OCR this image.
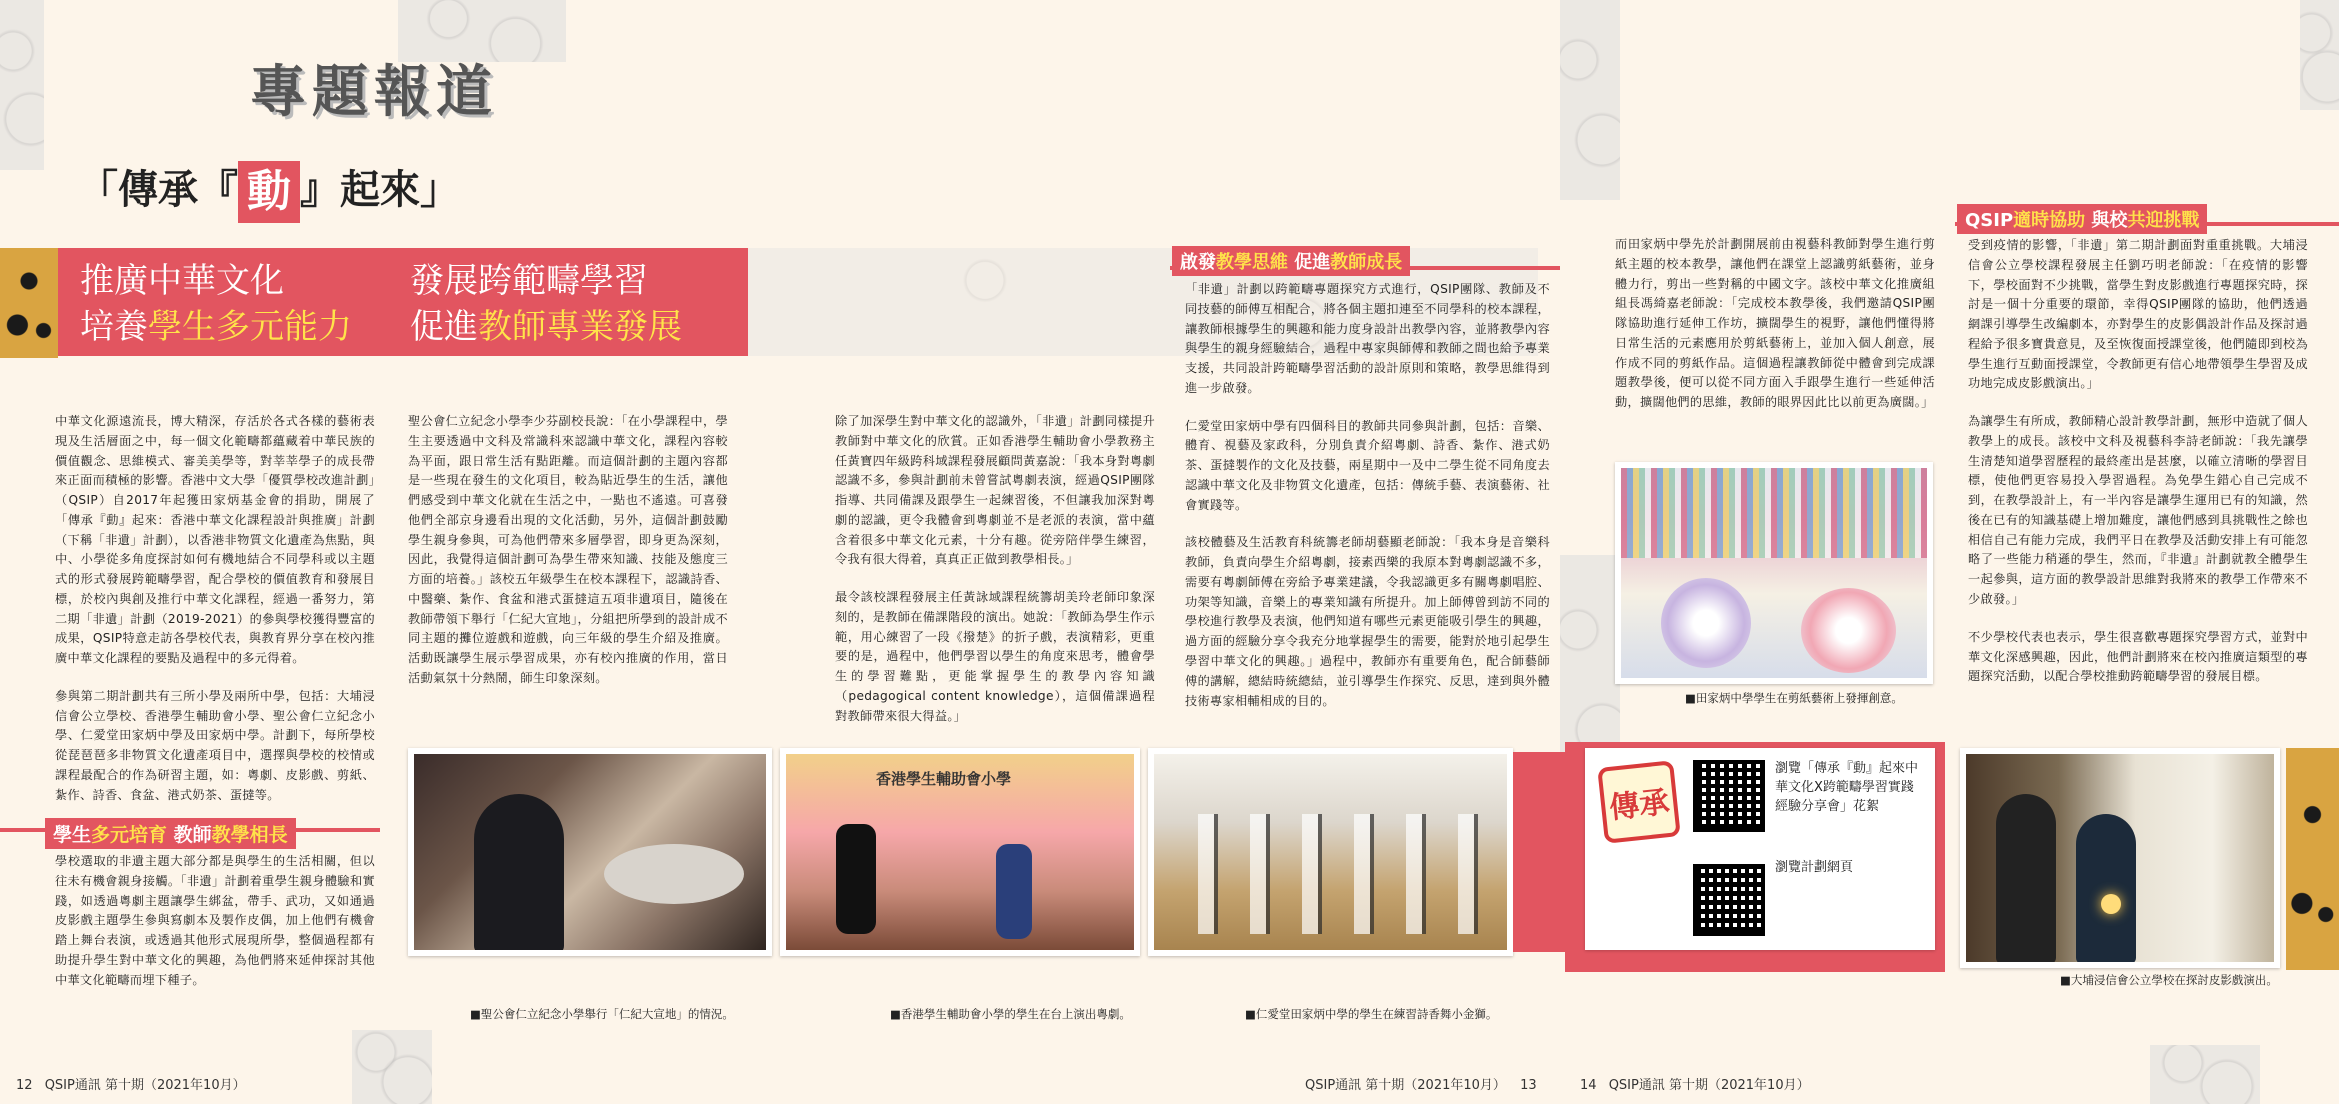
專題報道
「傳承『 動 』起來」
推廣中華文化
培養學生多元能力
發展跨範疇學習
促進教師專業發展

中華文化源遠流長，博大精深，存活於各式各樣的藝術表現及生活層面之中，每一個文化範疇都蘊藏着中華民族的價值觀念、思維模式、審美美學等，對莘莘學子的成長帶來正面而積極的影響。香港中文大學「優質學校改進計劃」（QSIP）自2017年起獲田家炳基金會的捐助，開展了「傳承『動』起來：香港中華文化課程設計與推廣」計劃（下稱「非遺」計劃），以香港非物質文化遺產為焦點，與中、小學從多角度探討如何有機地結合不同學科或以主題式的形式發展跨範疇學習，配合學校的價值教育和發展目標，於校內與創及推行中華文化課程，經過一番努力，第二期「非遺」計劃（2019-2021）的參與學校獲得豐富的成果，QSIP特意走訪各學校代表，與教育界分享在校內推廣中華文化課程的要點及過程中的多元得着。

參與第二期計劃共有三所小學及兩所中學，包括：大埔浸信會公立學校、香港學生輔助會小學、聖公會仁立紀念小學、仁愛堂田家炳中學及田家炳中學。計劃下，每所學校從琵琶琶多非物質文化遺產項目中，選擇與學校的校情或課程最配合的作為研習主題，如：粵劇、皮影戲、剪紙、紮作、詩香、食盆、港式奶茶、蛋撻等。

學生多元培育 教師教學相長
學校選取的非遺主題大部分都是與學生的生活相關，但以往未有機會親身接觸。「非遺」計劃着重學生親身體驗和實踐，如透過粵劇主題讓學生綁盆，帶手、武功，又如通過皮影戲主題學生參與寫劇本及製作皮偶，加上他們有機會踏上舞台表演，或透過其他形式展現所學，整個過程都有助提升學生對中華文化的興趣，為他們將來延伸探討其他中華文化範疇而埋下種子。

聖公會仁立紀念小學李少芬副校長說：「在小學課程中，學生主要透過中文科及常識科來認識中華文化，課程內容較為平面，跟日常生活有點距離。而這個計劃的主題內容都是一些現在發生的文化項目，較為貼近學生的生活，讓他們感受到中華文化就在生活之中，一點也不遙遠。可喜發他們全部京身邊看出現的文化活動，另外，這個計劃鼓勵學生親身參與，可為他們帶來多層學習，即身更為深刻，因此，我覺得這個計劃可為學生帶來知識、技能及態度三方面的培養。」該校五年級學生在校本課程下，認識詩香、中醫藥、紮作、食盆和港式蛋撻這五項非遺項目，隨後在教師帶領下舉行「仁紀大宣地」，分組把所學到的設計成不同主題的攤位遊戲和遊戲，向三年級的學生介紹及推廣。活動既讓學生展示學習成果，亦有校內推廣的作用，當日活動氣氛十分熱鬧，師生印象深刻。

除了加深學生對中華文化的認識外，「非遺」計劃同樣提升教師對中華文化的欣賞。正如香港學生輔助會小學教務主任黃寶四年級跨科域課程發展顧問黃嘉說：「我本身對粵劇認識不多，參與計劃前未曾嘗試粵劇表演，經過QSIP團隊指導、共同備課及跟學生一起練習後，不但讓我加深對粵劇的認識，更令我體會到粵劇並不是老派的表演，當中蘊含着很多中華文化元素，十分有趣。從旁陪伴學生練習，令我有很大得着，真真正正做到教學相長。」

最令該校課程發展主任黃詠域課程統籌胡美玲老師印象深刻的，是教師在備課階段的演出。她說：「教師為學生作示範，用心練習了一段《撥楚》的折子戲，表演精彩，更重要的是，過程中，他們學習以學生的角度來思考，體會學生的學習難點，更能掌握學生的教學內容知識（pedagogical content knowledge），這個備課過程對教師帶來很大得益。」

啟發教學思維 促進教師成長

「非遺」計劃以跨範疇專題探究方式進行，QSIP團隊、教師及不同技藝的師傅互相配合，將各個主題扣連至不同學科的校本課程，讓教師根據學生的興趣和能力度身設計出教學內容，並將教學內容與學生的親身經驗結合，過程中專家與師傅和教師之間也給予專業支援，共同設計跨範疇學習活動的設計原則和策略，教學思維得到進一步啟發。

仁愛堂田家炳中學有四個科目的教師共同參與計劃，包括：音樂、體育、視藝及家政科，分別負責介紹粵劇、詩香、紮作、港式奶茶、蛋撻製作的文化及技藝，兩星期中一及中二學生從不同角度去認識中華文化及非物質文化遺產，包括：傳統手藝、表演藝術、社會實踐等。

該校體藝及生活教育科統籌老師胡藝顯老師說：「我本身是音樂科教師，負責向學生介紹粵劇，接素西樂的我原本對粵劇認識不多，需要有粵劇師傅在旁給予專業建議，令我認識更多有關粵劇唱腔、功架等知識，音樂上的專業知識有所提升。加上師傅曾到訪不同的學校進行教學及表演，他們知道有哪些元素更能吸引學生的興趣，過方面的經驗分享令我充分地掌握學生的需要，能對於地引起學生學習中華文化的興趣。」過程中，教師亦有重要角色，配合師藝師傅的講解，總結時統總結，並引導學生作探究、反思，達到與外體技術專家相輔相成的目的。

而田家炳中學先於計劃開展前由視藝科教師對學生進行剪紙主題的校本教學，讓他們在課堂上認識剪紙藝術，並身體力行，剪出一些對稱的中國文字。該校中華文化推廣組組長馮綺嘉老師說：「完成校本教學後，我們邀請QSIP團隊協助進行延伸工作坊，擴闊學生的視野，讓他們懂得將日常生活的元素應用於剪紙藝術上，並加入個人創意，展作成不同的剪紙作品。這個過程讓教師從中體會到完成課題教學後，便可以從不同方面入手跟學生進行一些延伸活動，擴闊他們的思維，教師的眼界因此比以前更為廣闊。」

QSIP適時協助 與校共迎挑戰

受到疫情的影響，「非遺」第二期計劃面對重重挑戰。大埔浸信會公立學校課程發展主任劉巧明老師說：「在疫情的影響下，學校面對不少挑戰，當學生對皮影戲進行專題探究時，探討是一個十分重要的環節，幸得QSIP團隊的協助，他們透過網課引導學生改編劇本，亦對學生的皮影偶設計作品及探討過程給予很多寶貴意見，及至恢復面授課堂後，他們隨即到校為學生進行互動面授課堂，令教師更有信心地帶領學生學習及成功地完成皮影戲演出。」

為讓學生有所成，教師精心設計教學計劃，無形中造就了個人教學上的成長。該校中文科及視藝科李詩老師說：「我先讓學生清楚知道學習歷程的最終產出是甚麼，以確立清晰的學習目標，使他們更容易投入學習過程。為免學生錯心自己完成不到，在教學設計上，有一半內容是讓學生運用已有的知識，然後在已有的知識基礎上增加難度，讓他們感到具挑戰性之餘也相信自己有能力完成，我們平日在教學及活動安排上有可能忽略了一些能力稍遜的學生，然而，『非遺』計劃就教全體學生一起參與，這方面的教學設計思維對我將來的教學工作帶來不少啟發。」

不少學校代表也表示，學生很喜歡專題探究學習方式，並對中華文化深感興趣，因此，他們計劃將來在校內推廣這類型的專題探究活動，以配合學校推動跨範疇學習的發展目標。

香港學生輔助會小學
■聖公會仁立紀念小學舉行「仁紀大宣地」的情況。	■香港學生輔助會小學的學生在台上演出粵劇。	■仁愛堂田家炳中學的學生在練習詩香舞小金獅。
■田家炳中學學生在剪紙藝術上發揮創意。
傳承
瀏覽「傳承『動』起來中華文化X跨範疇學習實踐經驗分享會」花絮
瀏覽計劃網頁
■大埔浸信會公立學校在探討皮影戲演出。
12 QSIP通訊 第十期（2021年10月）	QSIP通訊 第十期（2021年10月） 13	14 QSIP通訊 第十期（2021年10月）
